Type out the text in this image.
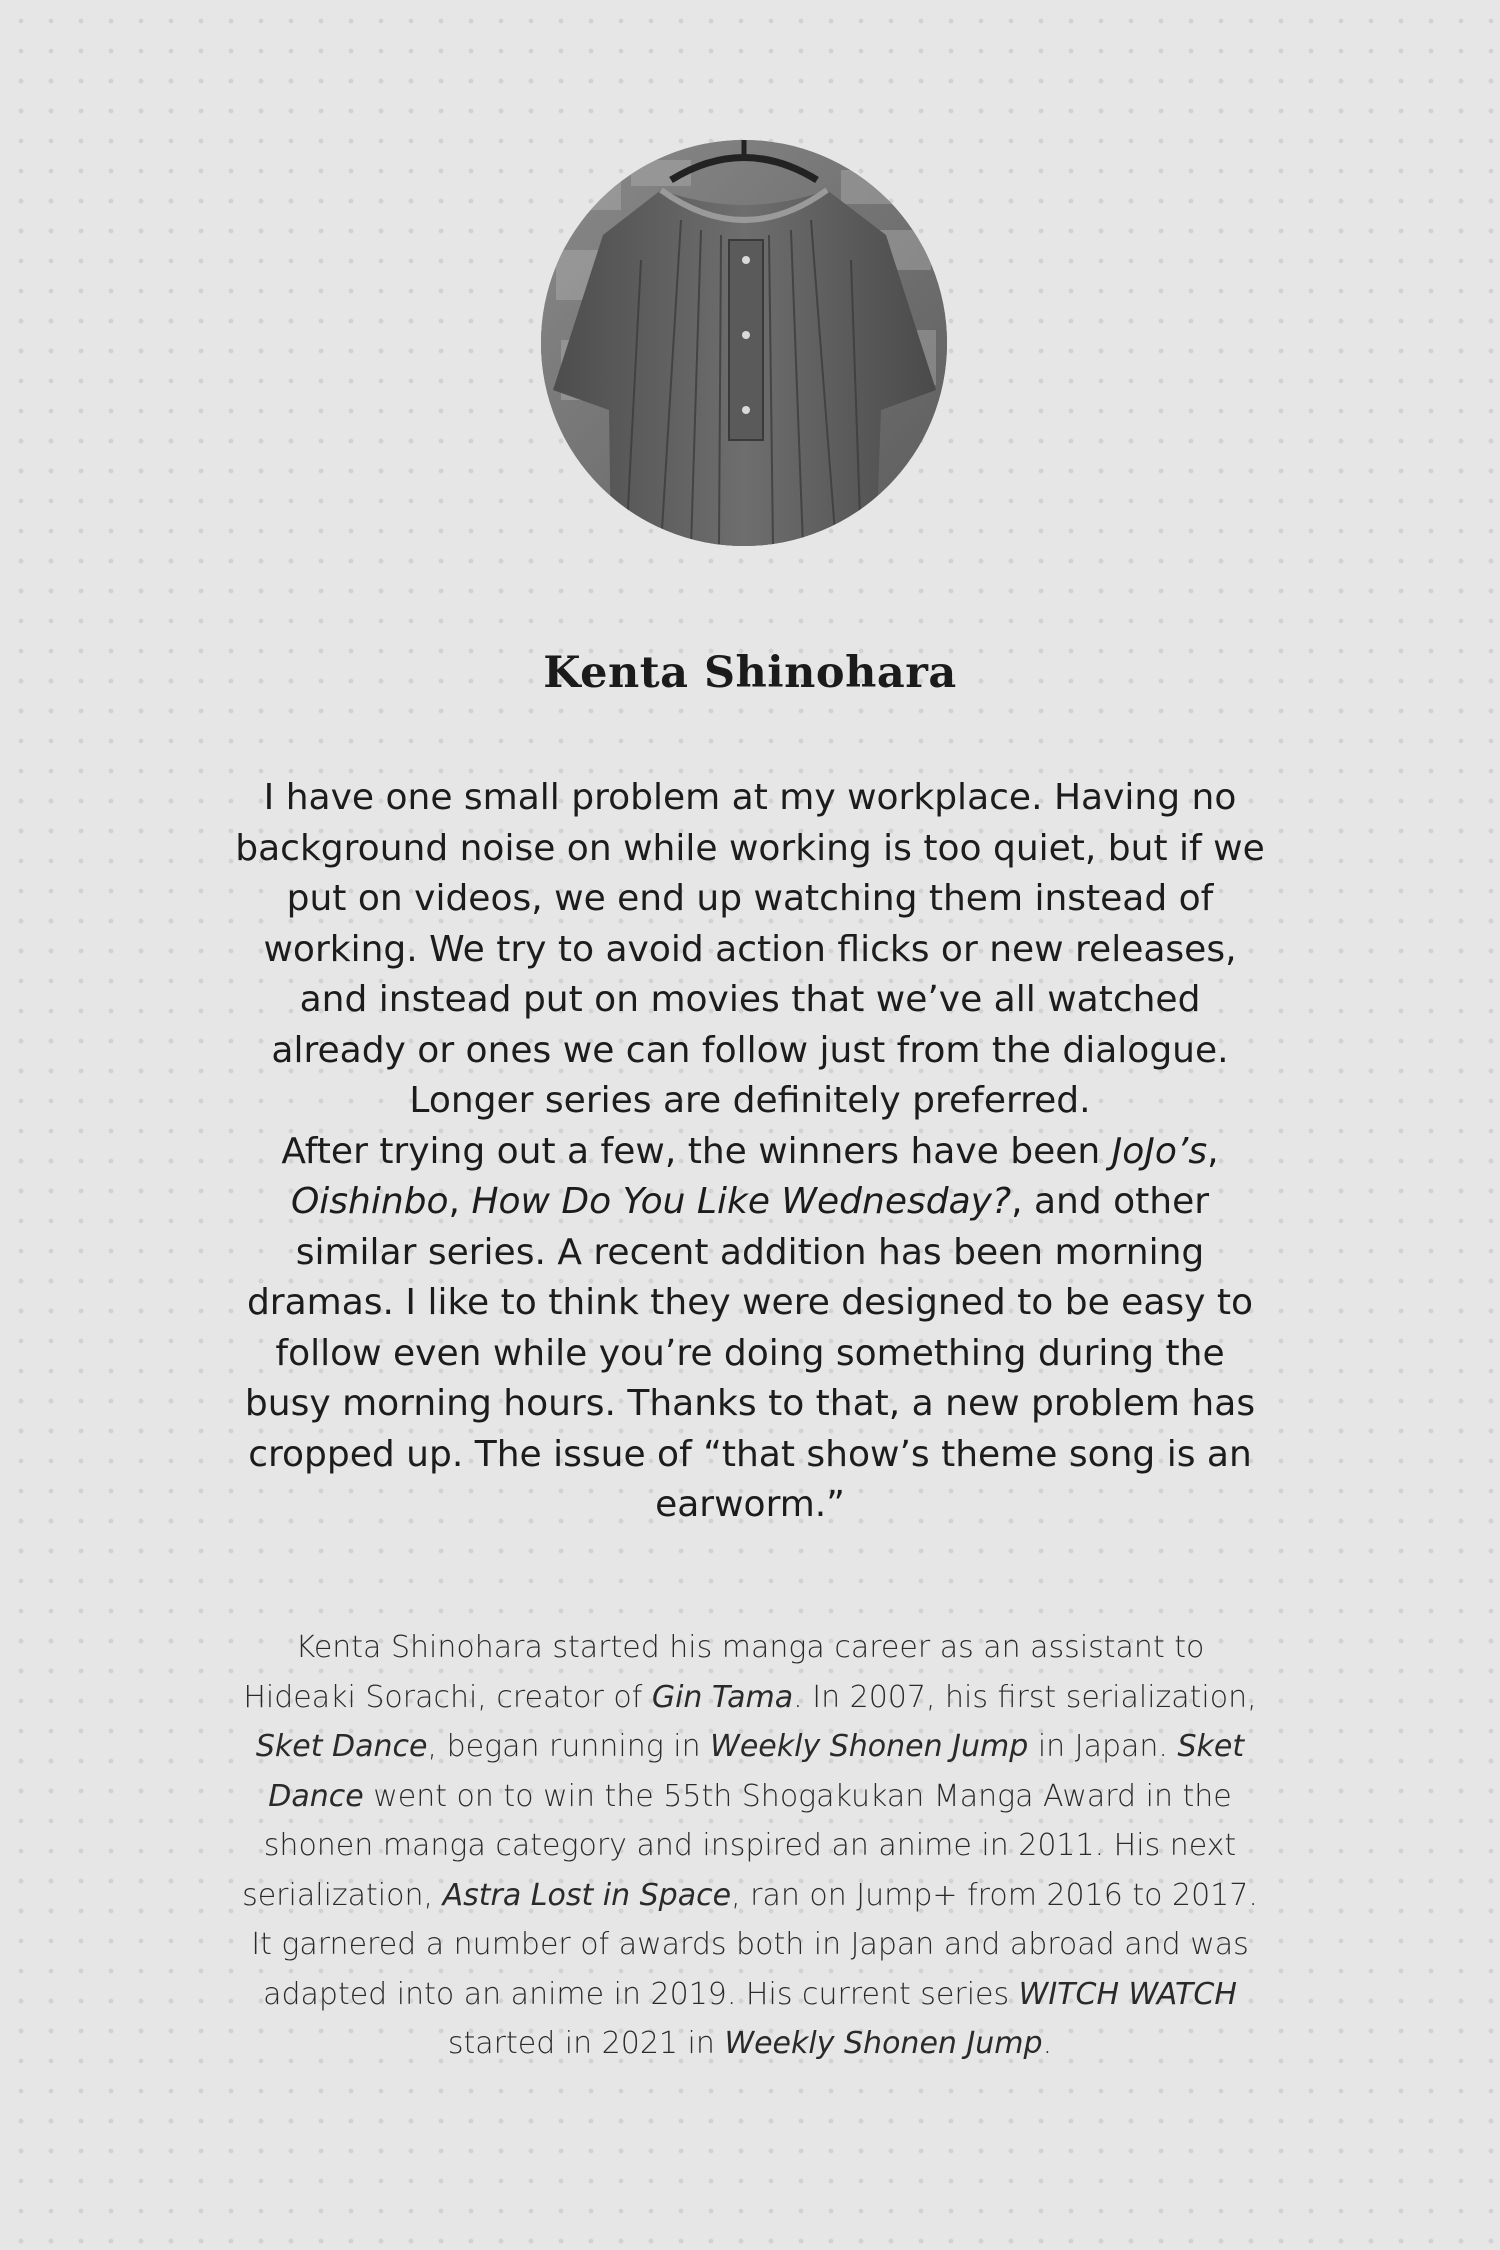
Kenta Shinohara

I have one small problem at my workplace. Having no background noise on while working is too quiet, but if we put on videos, we end up watching them instead of working. We try to avoid action flicks or new releases, and instead put on movies that we’ve all watched already or ones we can follow just from the dialogue. Longer series are definitely preferred.

After trying out a few, the winners have been JoJo’s, Oishinbo, How Do You Like Wednesday?, and other similar series. A recent addition has been morning dramas. I like to think they were designed to be easy to follow even while you’re doing something during the busy morning hours. Thanks to that, a new problem has cropped up. The issue of “that show’s theme song is an earworm.”

Kenta Shinohara started his manga career as an assistant to Hideaki Sorachi, creator of Gin Tama. In 2007, his first serialization, Sket Dance, began running in Weekly Shonen Jump in Japan. Sket Dance went on to win the 55th Shogakukan Manga Award in the shonen manga category and inspired an anime in 2011. His next serialization, Astra Lost in Space, ran on Jump+ from 2016 to 2017. It garnered a number of awards both in Japan and abroad and was adapted into an anime in 2019. His current series WITCH WATCH started in 2021 in Weekly Shonen Jump.
